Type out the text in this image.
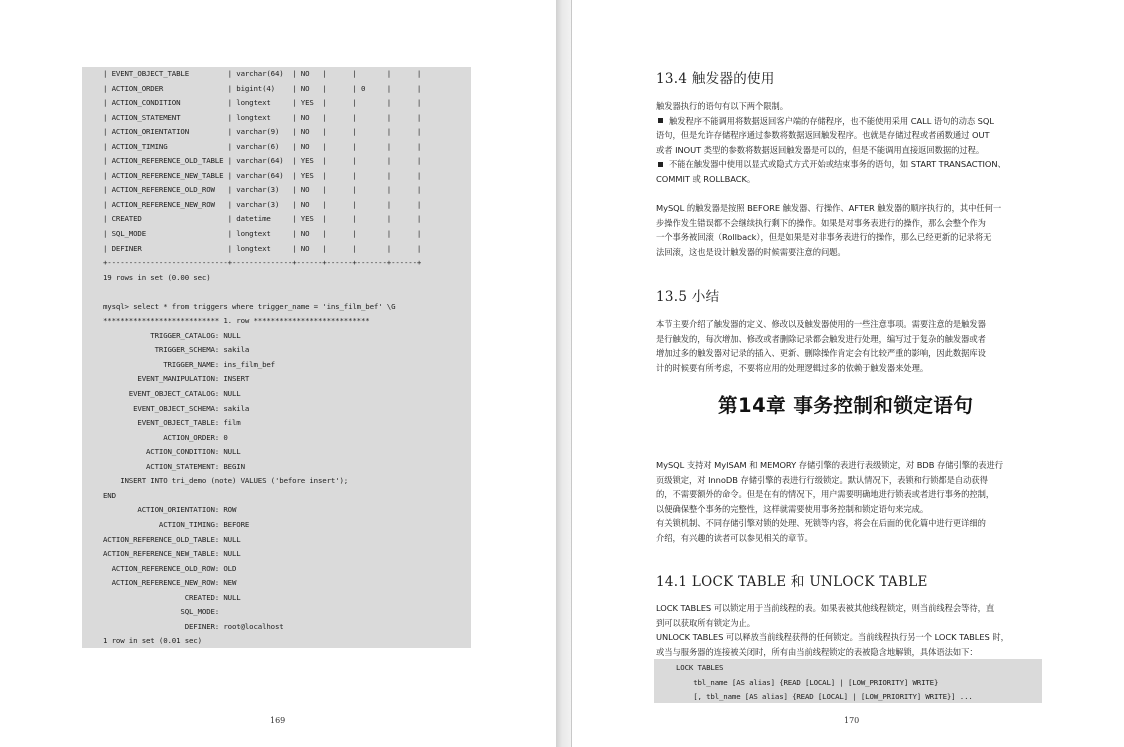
| EVENT_OBJECT_TABLE         | varchar(64)  | NO   |      |       |      |
| ACTION_ORDER               | bigint(4)    | NO   |      | 0     |      |
| ACTION_CONDITION           | longtext     | YES  |      |       |      |
| ACTION_STATEMENT           | longtext     | NO   |      |       |      |
| ACTION_ORIENTATION         | varchar(9)   | NO   |      |       |      |
| ACTION_TIMING              | varchar(6)   | NO   |      |       |      |
| ACTION_REFERENCE_OLD_TABLE | varchar(64)  | YES  |      |       |      |
| ACTION_REFERENCE_NEW_TABLE | varchar(64)  | YES  |      |       |      |
| ACTION_REFERENCE_OLD_ROW   | varchar(3)   | NO   |      |       |      |
| ACTION_REFERENCE_NEW_ROW   | varchar(3)   | NO   |      |       |      |
| CREATED                    | datetime     | YES  |      |       |      |
| SQL_MODE                   | longtext     | NO   |      |       |      |
| DEFINER                    | longtext     | NO   |      |       |      |
+----------------------------+--------------+------+------+-------+------+
19 rows in set (0.00 sec)
mysql> select * from triggers where trigger_name = 'ins_film_bef' \G
*************************** 1. row ***************************
TRIGGER_CATALOG: NULL
TRIGGER_SCHEMA: sakila
TRIGGER_NAME: ins_film_bef
EVENT_MANIPULATION: INSERT
EVENT_OBJECT_CATALOG: NULL
EVENT_OBJECT_SCHEMA: sakila
EVENT_OBJECT_TABLE: film
ACTION_ORDER: 0
ACTION_CONDITION: NULL
ACTION_STATEMENT: BEGIN
INSERT INTO tri_demo (note) VALUES ('before insert');
END
ACTION_ORIENTATION: ROW
ACTION_TIMING: BEFORE
ACTION_REFERENCE_OLD_TABLE: NULL
ACTION_REFERENCE_NEW_TABLE: NULL
ACTION_REFERENCE_OLD_ROW: OLD
ACTION_REFERENCE_NEW_ROW: NEW
CREATED: NULL
SQL_MODE:
DEFINER: root@localhost
1 row in set (0.01 sec)
169
13.4 触发器的使用
触发器执行的语句有以下两个限制。
触发程序不能调用将数据返回客户端的存储程序，也不能使用采用 CALL 语句的动态 SQL
语句，但是允许存储程序通过参数将数据返回触发程序。也就是存储过程或者函数通过 OUT
或者 INOUT 类型的参数将数据返回触发器是可以的，但是不能调用直接返回数据的过程。
不能在触发器中使用以显式或隐式方式开始或结束事务的语句，如 START TRANSACTION、
COMMIT 或 ROLLBACK。
MySQL 的触发器是按照 BEFORE 触发器、行操作、AFTER 触发器的顺序执行的，其中任何一
步操作发生错误都不会继续执行剩下的操作。如果是对事务表进行的操作，那么会整个作为
一个事务被回滚（Rollback），但是如果是对非事务表进行的操作，那么已经更新的记录将无
法回滚，这也是设计触发器的时候需要注意的问题。
13.5 小结
本节主要介绍了触发器的定义、修改以及触发器使用的一些注意事项。需要注意的是触发器
是行触发的，每次增加、修改或者删除记录都会触发进行处理，编写过于复杂的触发器或者
增加过多的触发器对记录的插入、更新、删除操作肯定会有比较严重的影响，因此数据库设
计的时候要有所考虑，不要将应用的处理逻辑过多的依赖于触发器来处理。
第14章 事务控制和锁定语句
MySQL 支持对 MyISAM 和 MEMORY 存储引擎的表进行表级锁定，对 BDB 存储引擎的表进行
页级锁定，对 InnoDB 存储引擎的表进行行级锁定。默认情况下，表锁和行锁都是自动获得
的，不需要额外的命令。但是在有的情况下，用户需要明确地进行锁表或者进行事务的控制，
以便确保整个事务的完整性，这样就需要使用事务控制和锁定语句来完成。
有关锁机制、不同存储引擎对锁的处理、死锁等内容，将会在后面的优化篇中进行更详细的
介绍，有兴趣的读者可以参见相关的章节。
14.1 LOCK TABLE 和 UNLOCK TABLE
LOCK TABLES 可以锁定用于当前线程的表。如果表被其他线程锁定，则当前线程会等待，直
到可以获取所有锁定为止。
UNLOCK TABLES 可以释放当前线程获得的任何锁定。当前线程执行另一个 LOCK TABLES 时，
或当与服务器的连接被关闭时，所有由当前线程锁定的表被隐含地解锁，具体语法如下：
LOCK TABLES
tbl_name [AS alias] {READ [LOCAL] | [LOW_PRIORITY] WRITE}
[, tbl_name [AS alias] {READ [LOCAL] | [LOW_PRIORITY] WRITE}] ...
170
